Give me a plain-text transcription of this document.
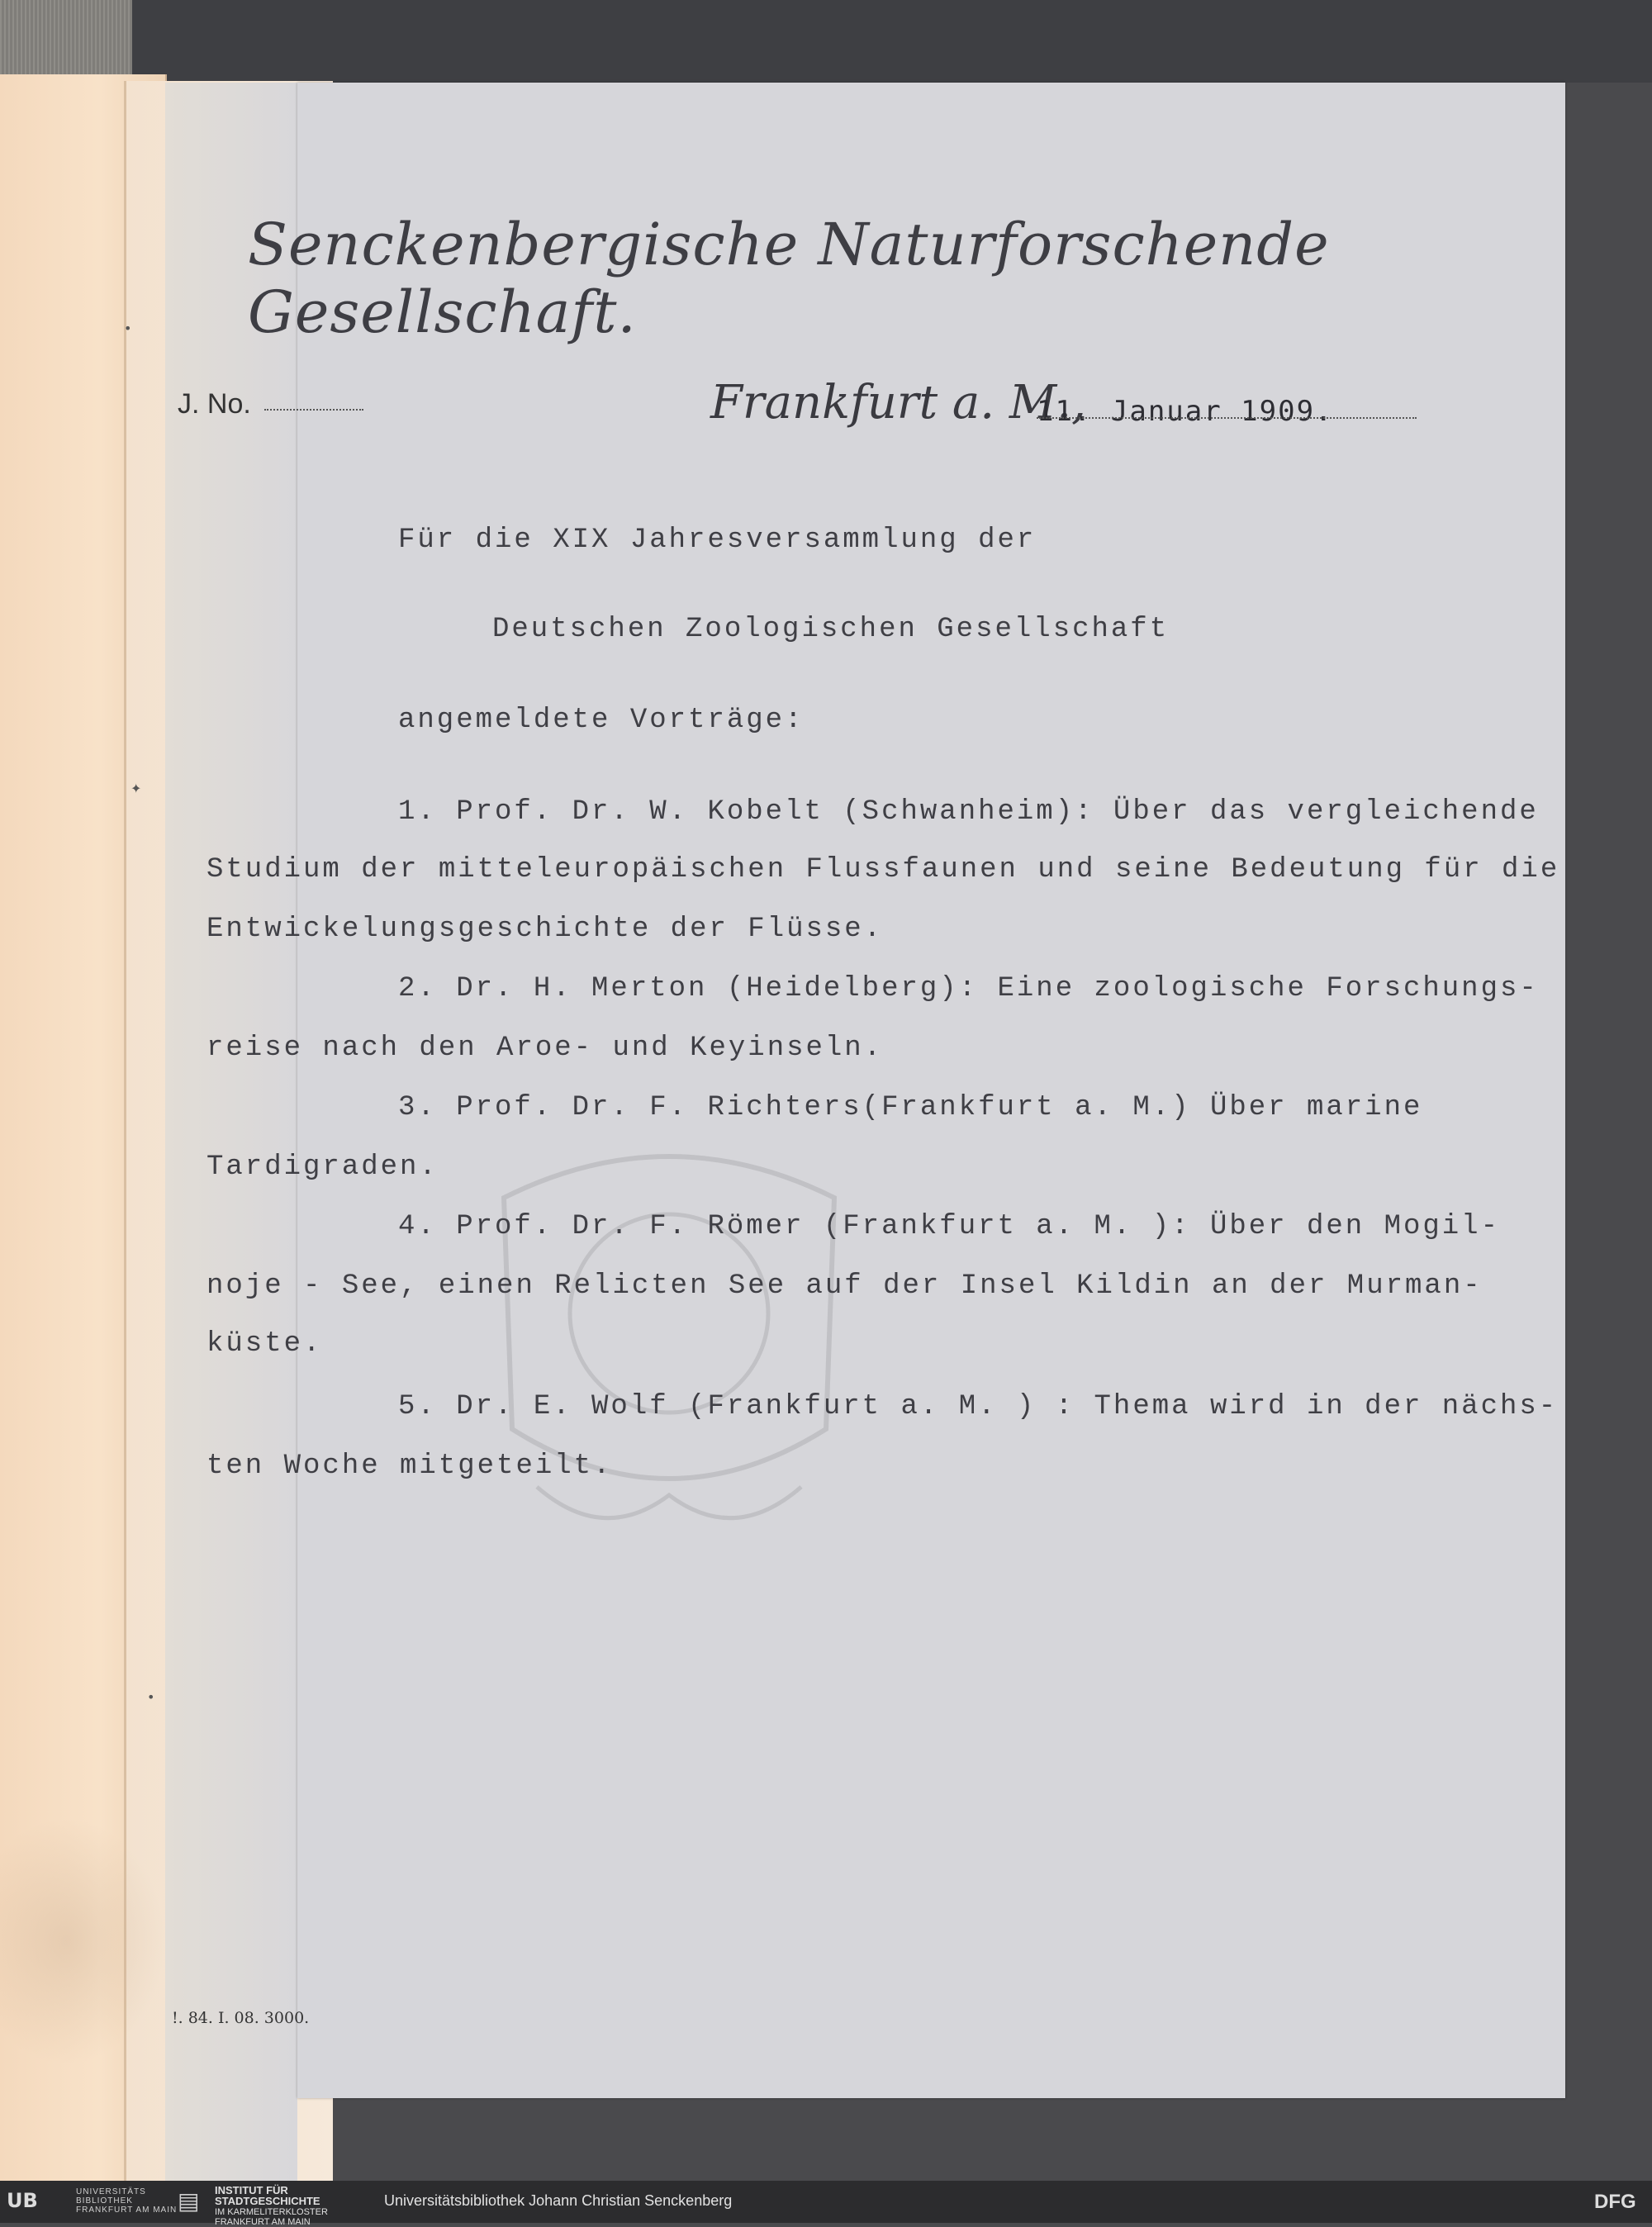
•
✦
•
Senckenbergische Naturforschende Gesellschaft.
J. No.	Frankfurt a. M.,
11. Januar 1909.
Für die XIX Jahresversammlung der
Deutschen Zoologischen Gesellschaft
angemeldete Vorträge:
1. Prof. Dr. W. Kobelt (Schwanheim): Über das vergleichende
Studium der mitteleuropäischen Flussfaunen und seine Bedeutung für die
Entwickelungsgeschichte der Flüsse.
2. Dr. H. Merton (Heidelberg): Eine zoologische Forschungs-
reise nach den Aroe- und Keyinseln.
3. Prof. Dr. F. Richters(Frankfurt a. M.) Über marine
Tardigraden.
4. Prof. Dr. F. Römer (Frankfurt a. M. ): Über den Mogil-
noje - See, einen Relicten See auf der Insel Kildin an der Murman-
küste.
5. Dr. E. Wolf (Frankfurt a. M. ) : Thema wird in der nächs-
ten Woche mitgeteilt.
!. 84. I. 08. 3000.
UB	UNIVERSITÄTS
BIBLIOTHEK
FRANKFURT AM MAIN ▤	INSTITUT FÜR
STADTGESCHICHTE
IM KARMELITERKLOSTER
FRANKFURT AM MAIN
Universitätsbibliothek Johann Christian Senckenberg	DFG
